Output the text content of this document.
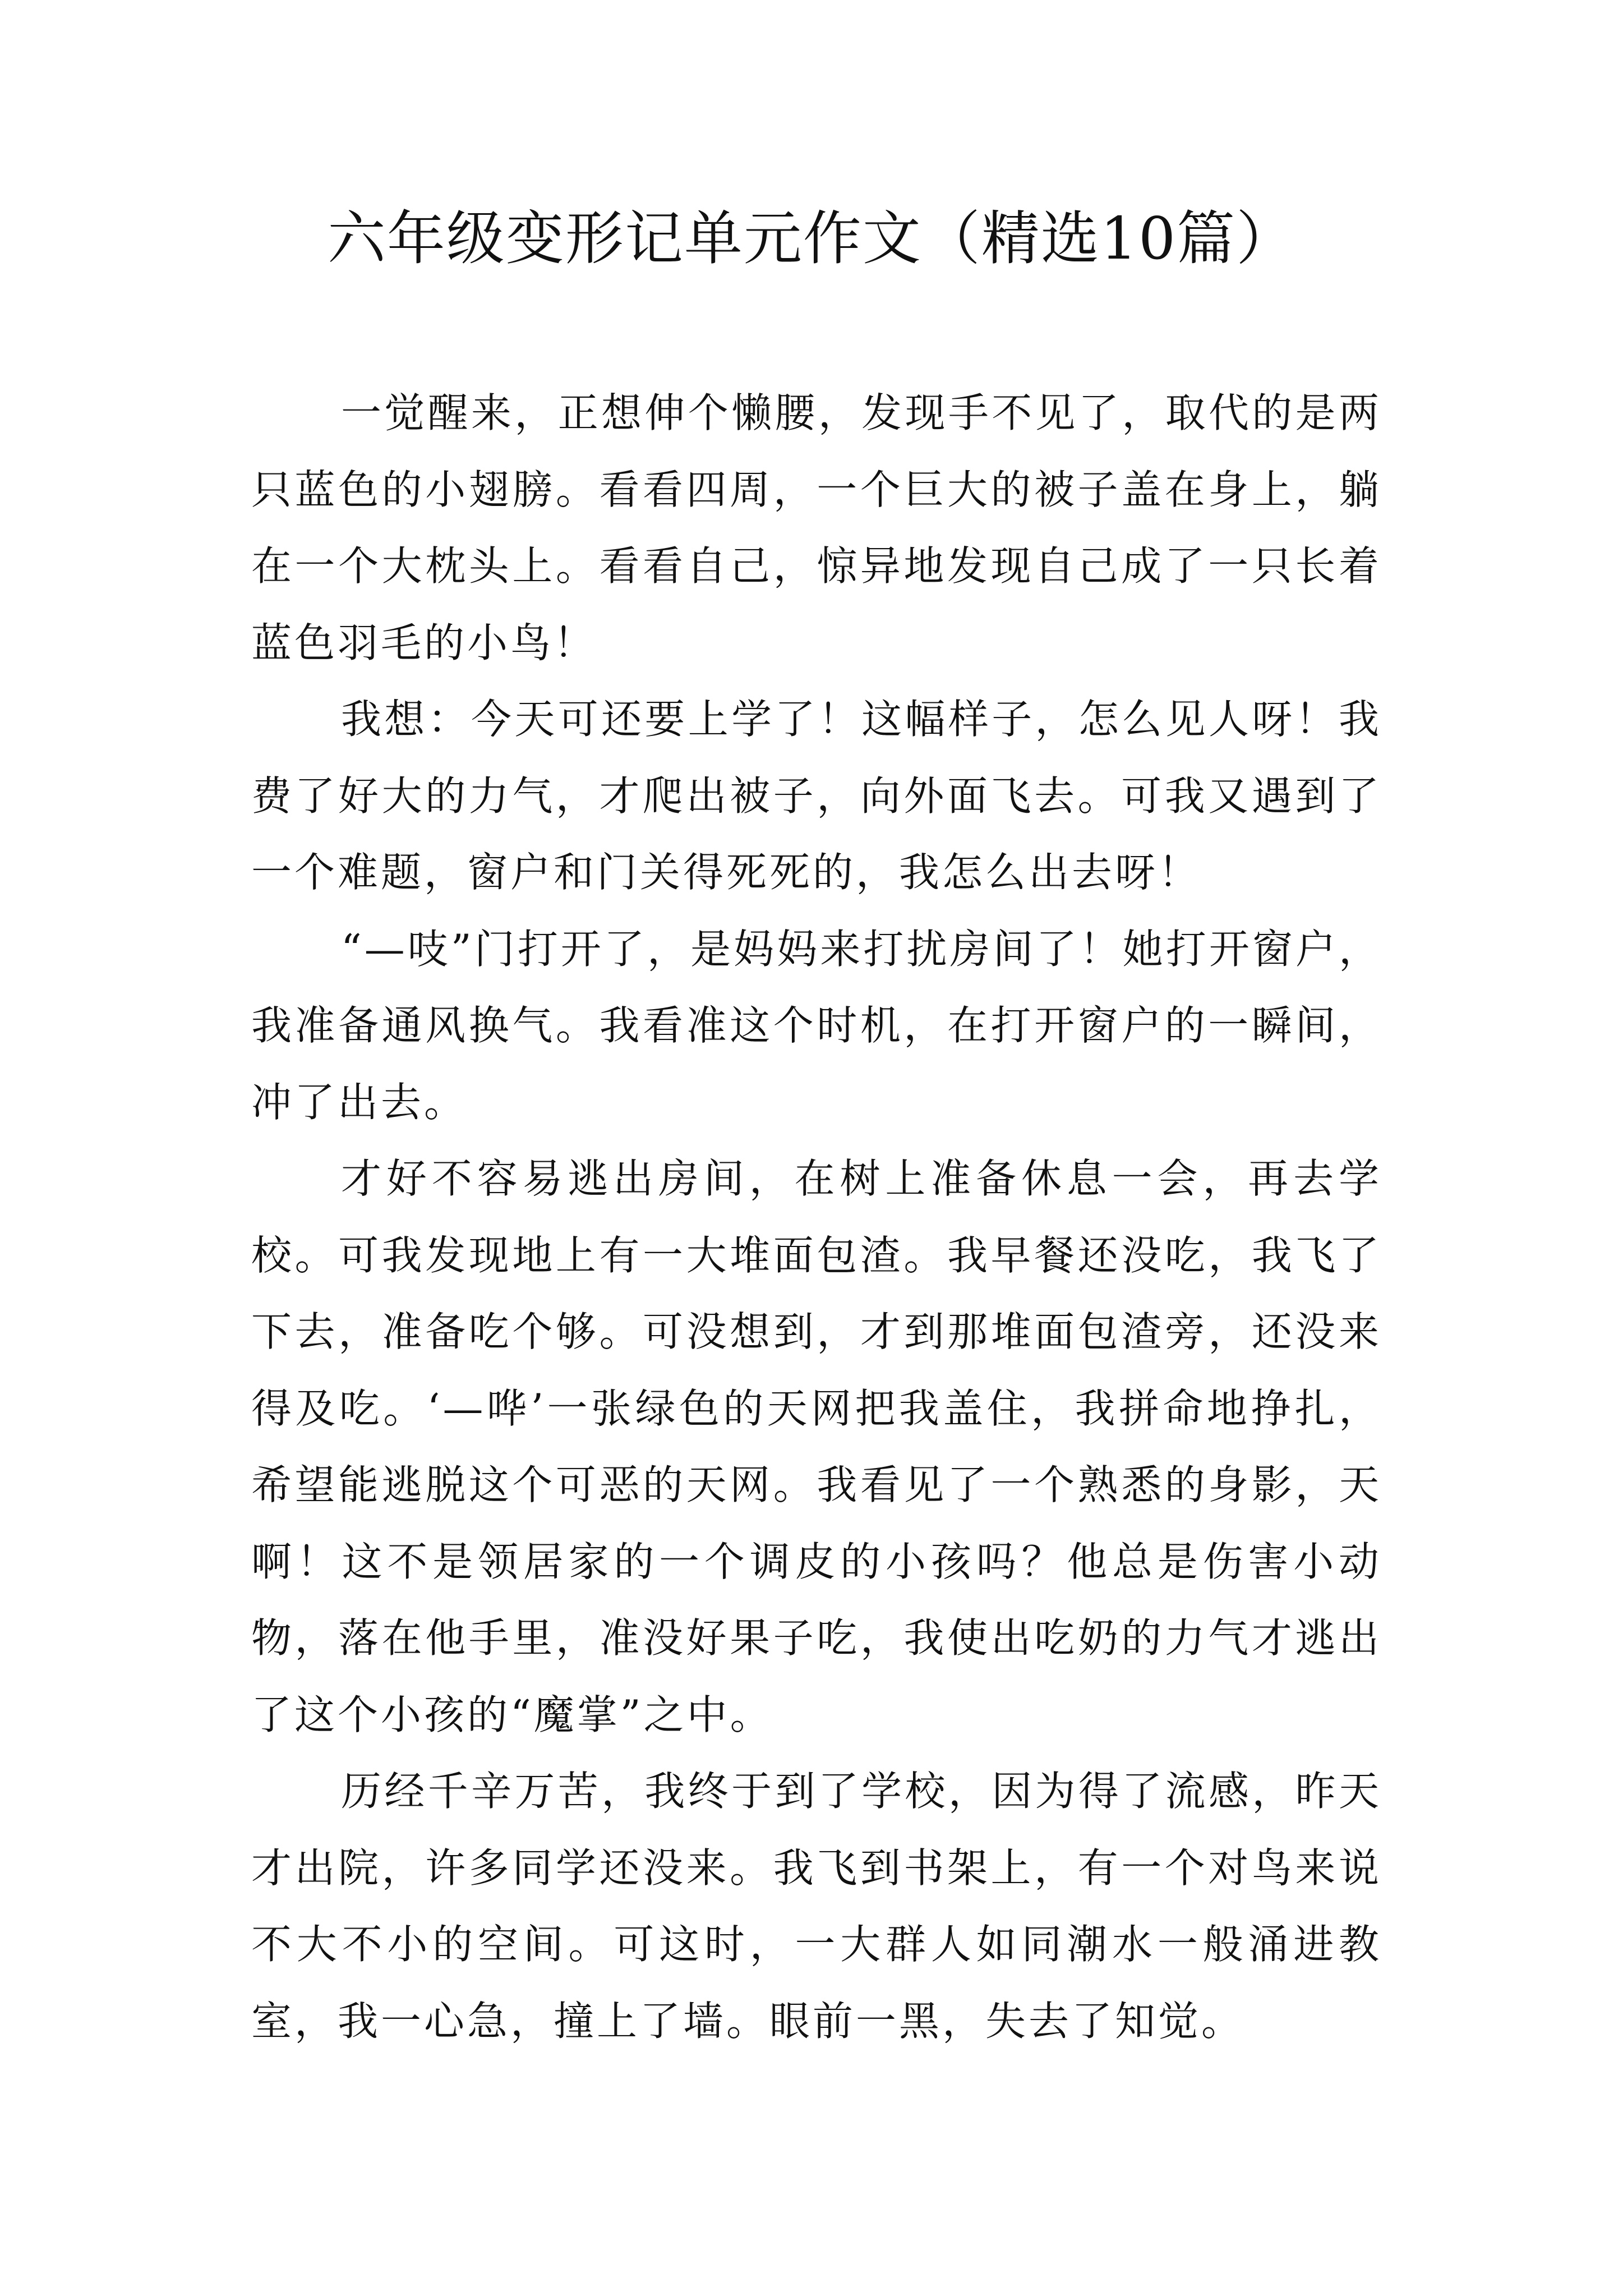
六年级变形记单元作文（精选10篇）

一觉醒来，正想伸个懒腰，发现手不见了，取代的是两只蓝色的小翅膀。看看四周，一个巨大的被子盖在身上，躺在一个大枕头上。看看自己，惊异地发现自己成了一只长着蓝色羽毛的小鸟！

我想：今天可还要上学了！这幅样子，怎么见人呀！我费了好大的力气，才爬出被子，向外面飞去。可我又遇到了一个难题，窗户和门关得死死的，我怎么出去呀！

“—吱”门打开了，是妈妈来打扰房间了！她打开窗户，我准备通风换气。我看准这个时机，在打开窗户的一瞬间，冲了出去。

才好不容易逃出房间，在树上准备休息一会，再去学校。可我发现地上有一大堆面包渣。我早餐还没吃，我飞了下去，准备吃个够。可没想到，才到那堆面包渣旁，还没来得及吃。‘—哗’一张绿色的天网把我盖住，我拼命地挣扎，希望能逃脱这个可恶的天网。我看见了一个熟悉的身影，天啊！这不是领居家的一个调皮的小孩吗？他总是伤害小动物，落在他手里，准没好果子吃，我使出吃奶的力气才逃出了这个小孩的“魔掌”之中。

历经千辛万苦，我终于到了学校，因为得了流感，昨天才出院，许多同学还没来。我飞到书架上，有一个对鸟来说不大不小的空间。可这时，一大群人如同潮水一般涌进教室，我一心急，撞上了墙。眼前一黑，失去了知觉。
